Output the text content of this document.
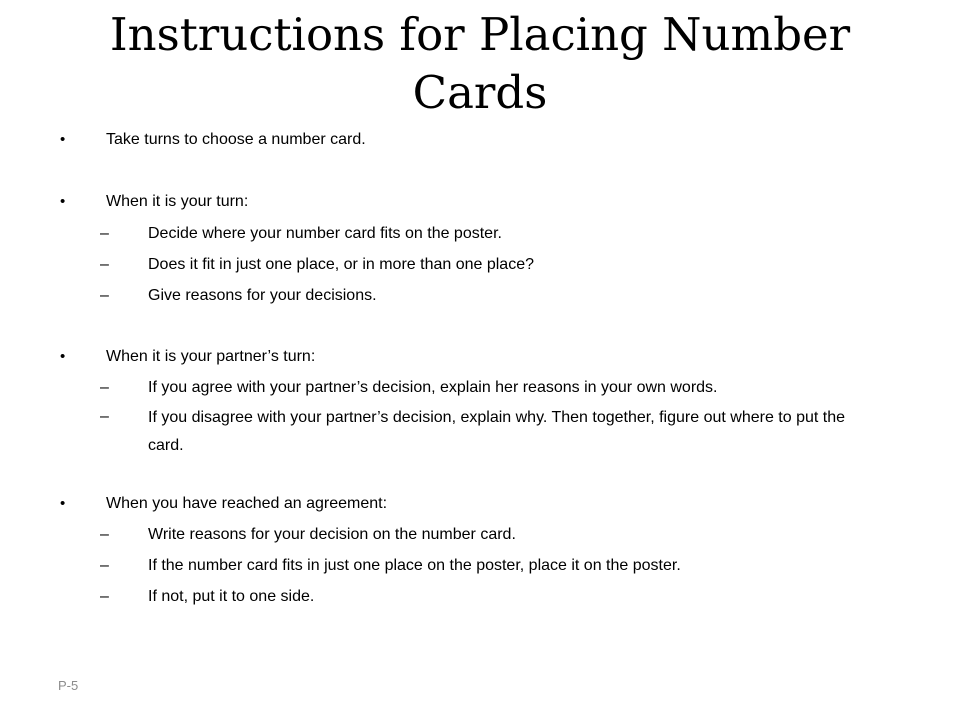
Instructions for Placing Number Cards
•	Take turns to choose a number card.
•	When it is your turn:
– Decide where your number card fits on the poster.
– Does it fit in just one place, or in more than one place?
– Give reasons for your decisions.
•	When it is your partner’s turn:
– If you agree with your partner’s decision, explain her reasons in your own words.
– If you disagree with your partner’s decision, explain why. Then together, figure out where to put the card.
•	When you have reached an agreement:
– Write reasons for your decision on the number card.
– If the number card fits in just one place on the poster, place it on the poster.
– If not, put it to one side.
P-5
